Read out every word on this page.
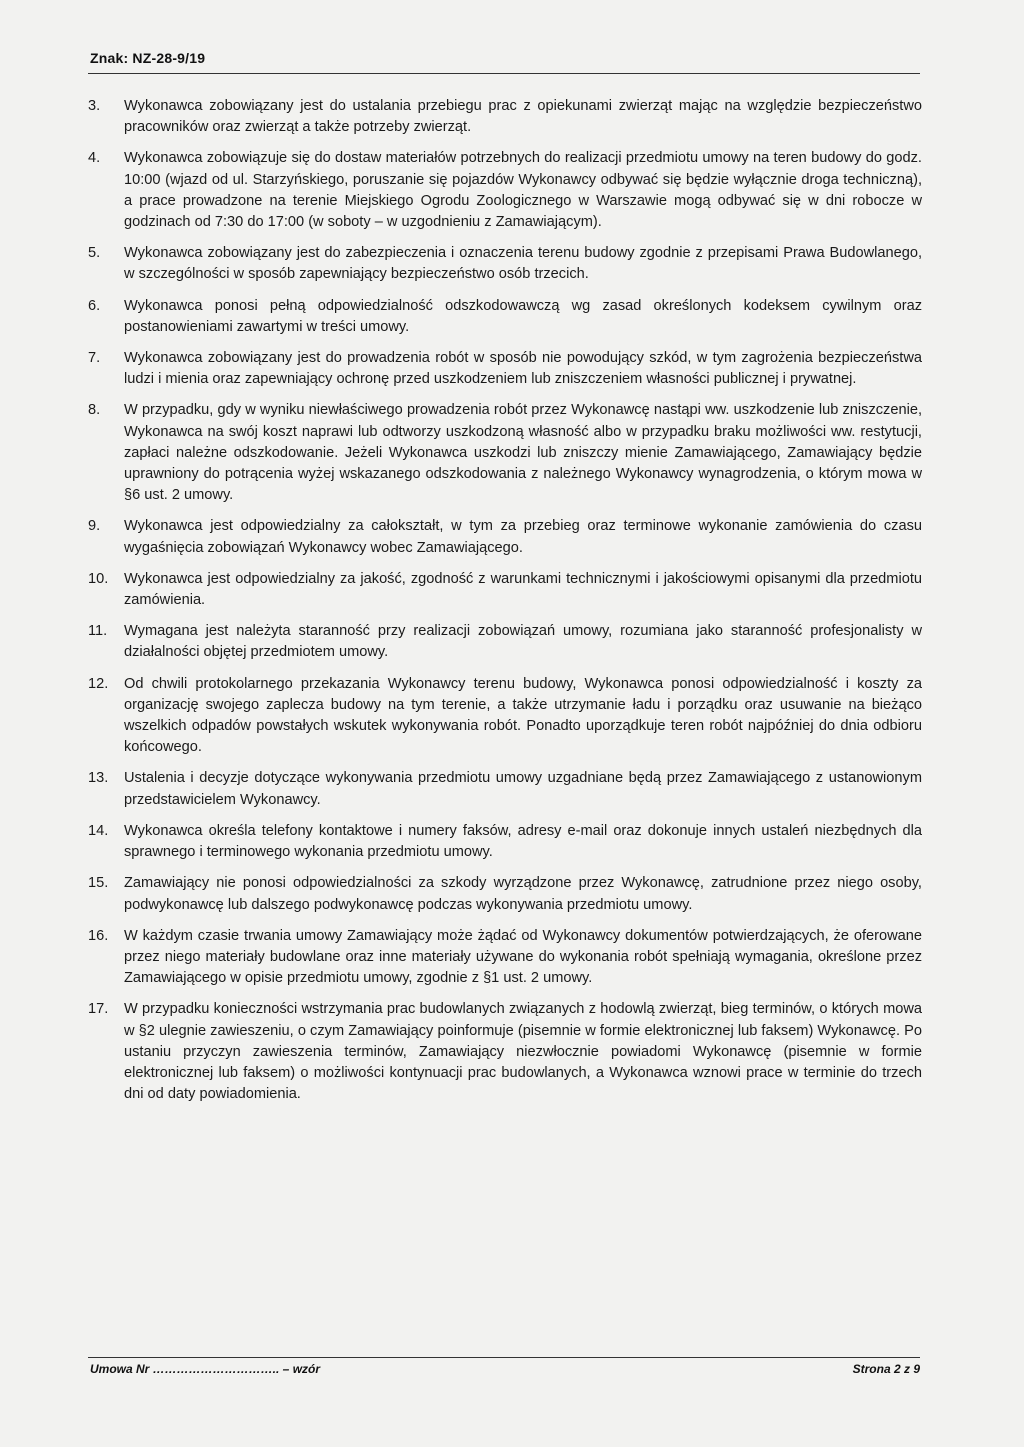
Znak: NZ-28-9/19
3.	Wykonawca zobowiązany jest do ustalania przebiegu prac z opiekunami zwierząt mając na względzie bezpieczeństwo pracowników oraz zwierząt a także potrzeby zwierząt.
4.	Wykonawca zobowiązuje się do dostaw materiałów potrzebnych do realizacji przedmiotu umowy na teren budowy do godz. 10:00 (wjazd od ul. Starzyńskiego, poruszanie się pojazdów Wykonawcy odbywać się będzie wyłącznie droga techniczną), a prace prowadzone na terenie Miejskiego Ogrodu Zoologicznego w Warszawie mogą odbywać się w dni robocze w godzinach od 7:30 do 17:00 (w soboty – w uzgodnieniu z Zamawiającym).
5.	Wykonawca zobowiązany jest do zabezpieczenia i oznaczenia terenu budowy zgodnie z przepisami Prawa Budowlanego, w szczególności w sposób zapewniający bezpieczeństwo osób trzecich.
6.	Wykonawca ponosi pełną odpowiedzialność odszkodowawczą wg zasad określonych kodeksem cywilnym oraz postanowieniami zawartymi w treści umowy.
7.	Wykonawca zobowiązany jest do prowadzenia robót w sposób nie powodujący szkód, w tym zagrożenia bezpieczeństwa ludzi i mienia oraz zapewniający ochronę przed uszkodzeniem lub zniszczeniem własności publicznej i prywatnej.
8.	W przypadku, gdy w wyniku niewłaściwego prowadzenia robót przez Wykonawcę nastąpi ww. uszkodzenie lub zniszczenie, Wykonawca na swój koszt naprawi lub odtworzy uszkodzoną własność albo w przypadku braku możliwości ww. restytucji, zapłaci należne odszkodowanie. Jeżeli Wykonawca uszkodzi lub zniszczy mienie Zamawiającego, Zamawiający będzie uprawniony do potrącenia wyżej wskazanego odszkodowania z należnego Wykonawcy wynagrodzenia, o którym mowa w §6 ust. 2 umowy.
9.	Wykonawca jest odpowiedzialny za całokształt, w tym za przebieg oraz terminowe wykonanie zamówienia do czasu wygaśnięcia zobowiązań Wykonawcy wobec Zamawiającego.
10.	Wykonawca jest odpowiedzialny za jakość, zgodność z warunkami technicznymi i jakościowymi opisanymi dla przedmiotu zamówienia.
11.	Wymagana jest należyta staranność przy realizacji zobowiązań umowy, rozumiana jako staranność profesjonalisty w działalności objętej przedmiotem umowy.
12.	Od chwili protokolarnego przekazania Wykonawcy terenu budowy, Wykonawca ponosi odpowiedzialność i koszty za organizację swojego zaplecza budowy na tym terenie, a także utrzymanie ładu i porządku oraz usuwanie na bieżąco wszelkich odpadów powstałych wskutek wykonywania robót. Ponadto uporządkuje teren robót najpóźniej do dnia odbioru końcowego.
13.	Ustalenia i decyzje dotyczące wykonywania przedmiotu umowy uzgadniane będą przez Zamawiającego z ustanowionym przedstawicielem Wykonawcy.
14.	Wykonawca określa telefony kontaktowe i numery faksów, adresy e-mail oraz dokonuje innych ustaleń niezbędnych dla sprawnego i terminowego wykonania przedmiotu umowy.
15.	Zamawiający nie ponosi odpowiedzialności za szkody wyrządzone przez Wykonawcę, zatrudnione przez niego osoby, podwykonawcę lub dalszego podwykonawcę podczas wykonywania przedmiotu umowy.
16.	W każdym czasie trwania umowy Zamawiający może żądać od Wykonawcy dokumentów potwierdzających, że oferowane przez niego materiały budowlane oraz inne materiały używane do wykonania robót spełniają wymagania, określone przez Zamawiającego w opisie przedmiotu umowy, zgodnie z §1 ust. 2 umowy.
17.	W przypadku konieczności wstrzymania prac budowlanych związanych z hodowlą zwierząt, bieg terminów, o których mowa w §2 ulegnie zawieszeniu, o czym Zamawiający poinformuje (pisemnie w formie elektronicznej lub faksem) Wykonawcę. Po ustaniu przyczyn zawieszenia terminów, Zamawiający niezwłocznie powiadomi Wykonawcę (pisemnie w formie elektronicznej lub faksem) o możliwości kontynuacji prac budowlanych, a Wykonawca wznowi prace w terminie do trzech dni od daty powiadomienia.
Umowa Nr ………………………….. – wzór	Strona 2 z 9
